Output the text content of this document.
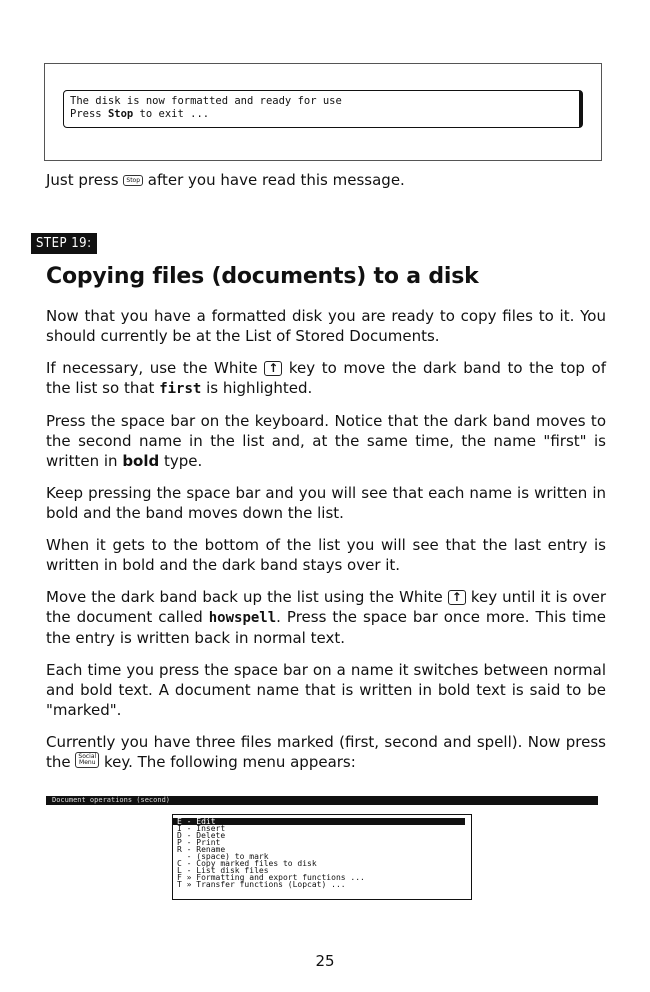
The disk is now formatted and ready for use
Press Stop to exit ...
Just press Stop after you have read this message.
STEP 19:
Copying files (documents) to a disk

Now that you have a formatted disk you are ready to copy files to it. You should currently be at the List of Stored Documents.

If necessary, use the White ↑ key to move the dark band to the top of the list so that first is highlighted.

Press the space bar on the keyboard. Notice that the dark band moves to the second name in the list and, at the same time, the name "first" is written in bold type.

Keep pressing the space bar and you will see that each name is written in bold and the band moves down the list.

When it gets to the bottom of the list you will see that the last entry is written in bold and the dark band stays over it.

Move the dark band back up the list using the White ↑ key until it is over the document called howspell. Press the space bar once more. This time the entry is written back in normal text.

Each time you press the space bar on a name it switches between normal and bold text. A document name that is written in bold text is said to be "marked".

Currently you have three files marked (first, second and spell). Now press the Social
Menu key. The following menu appears:

Document operations (second)
E - Edit
I - Insert
D - Delete
P - Print
R - Rename
- (space) to mark
C - Copy marked files to disk
L - List disk files
F » Formatting and export functions ...
T » Transfer functions (Lopcat) ...
25
